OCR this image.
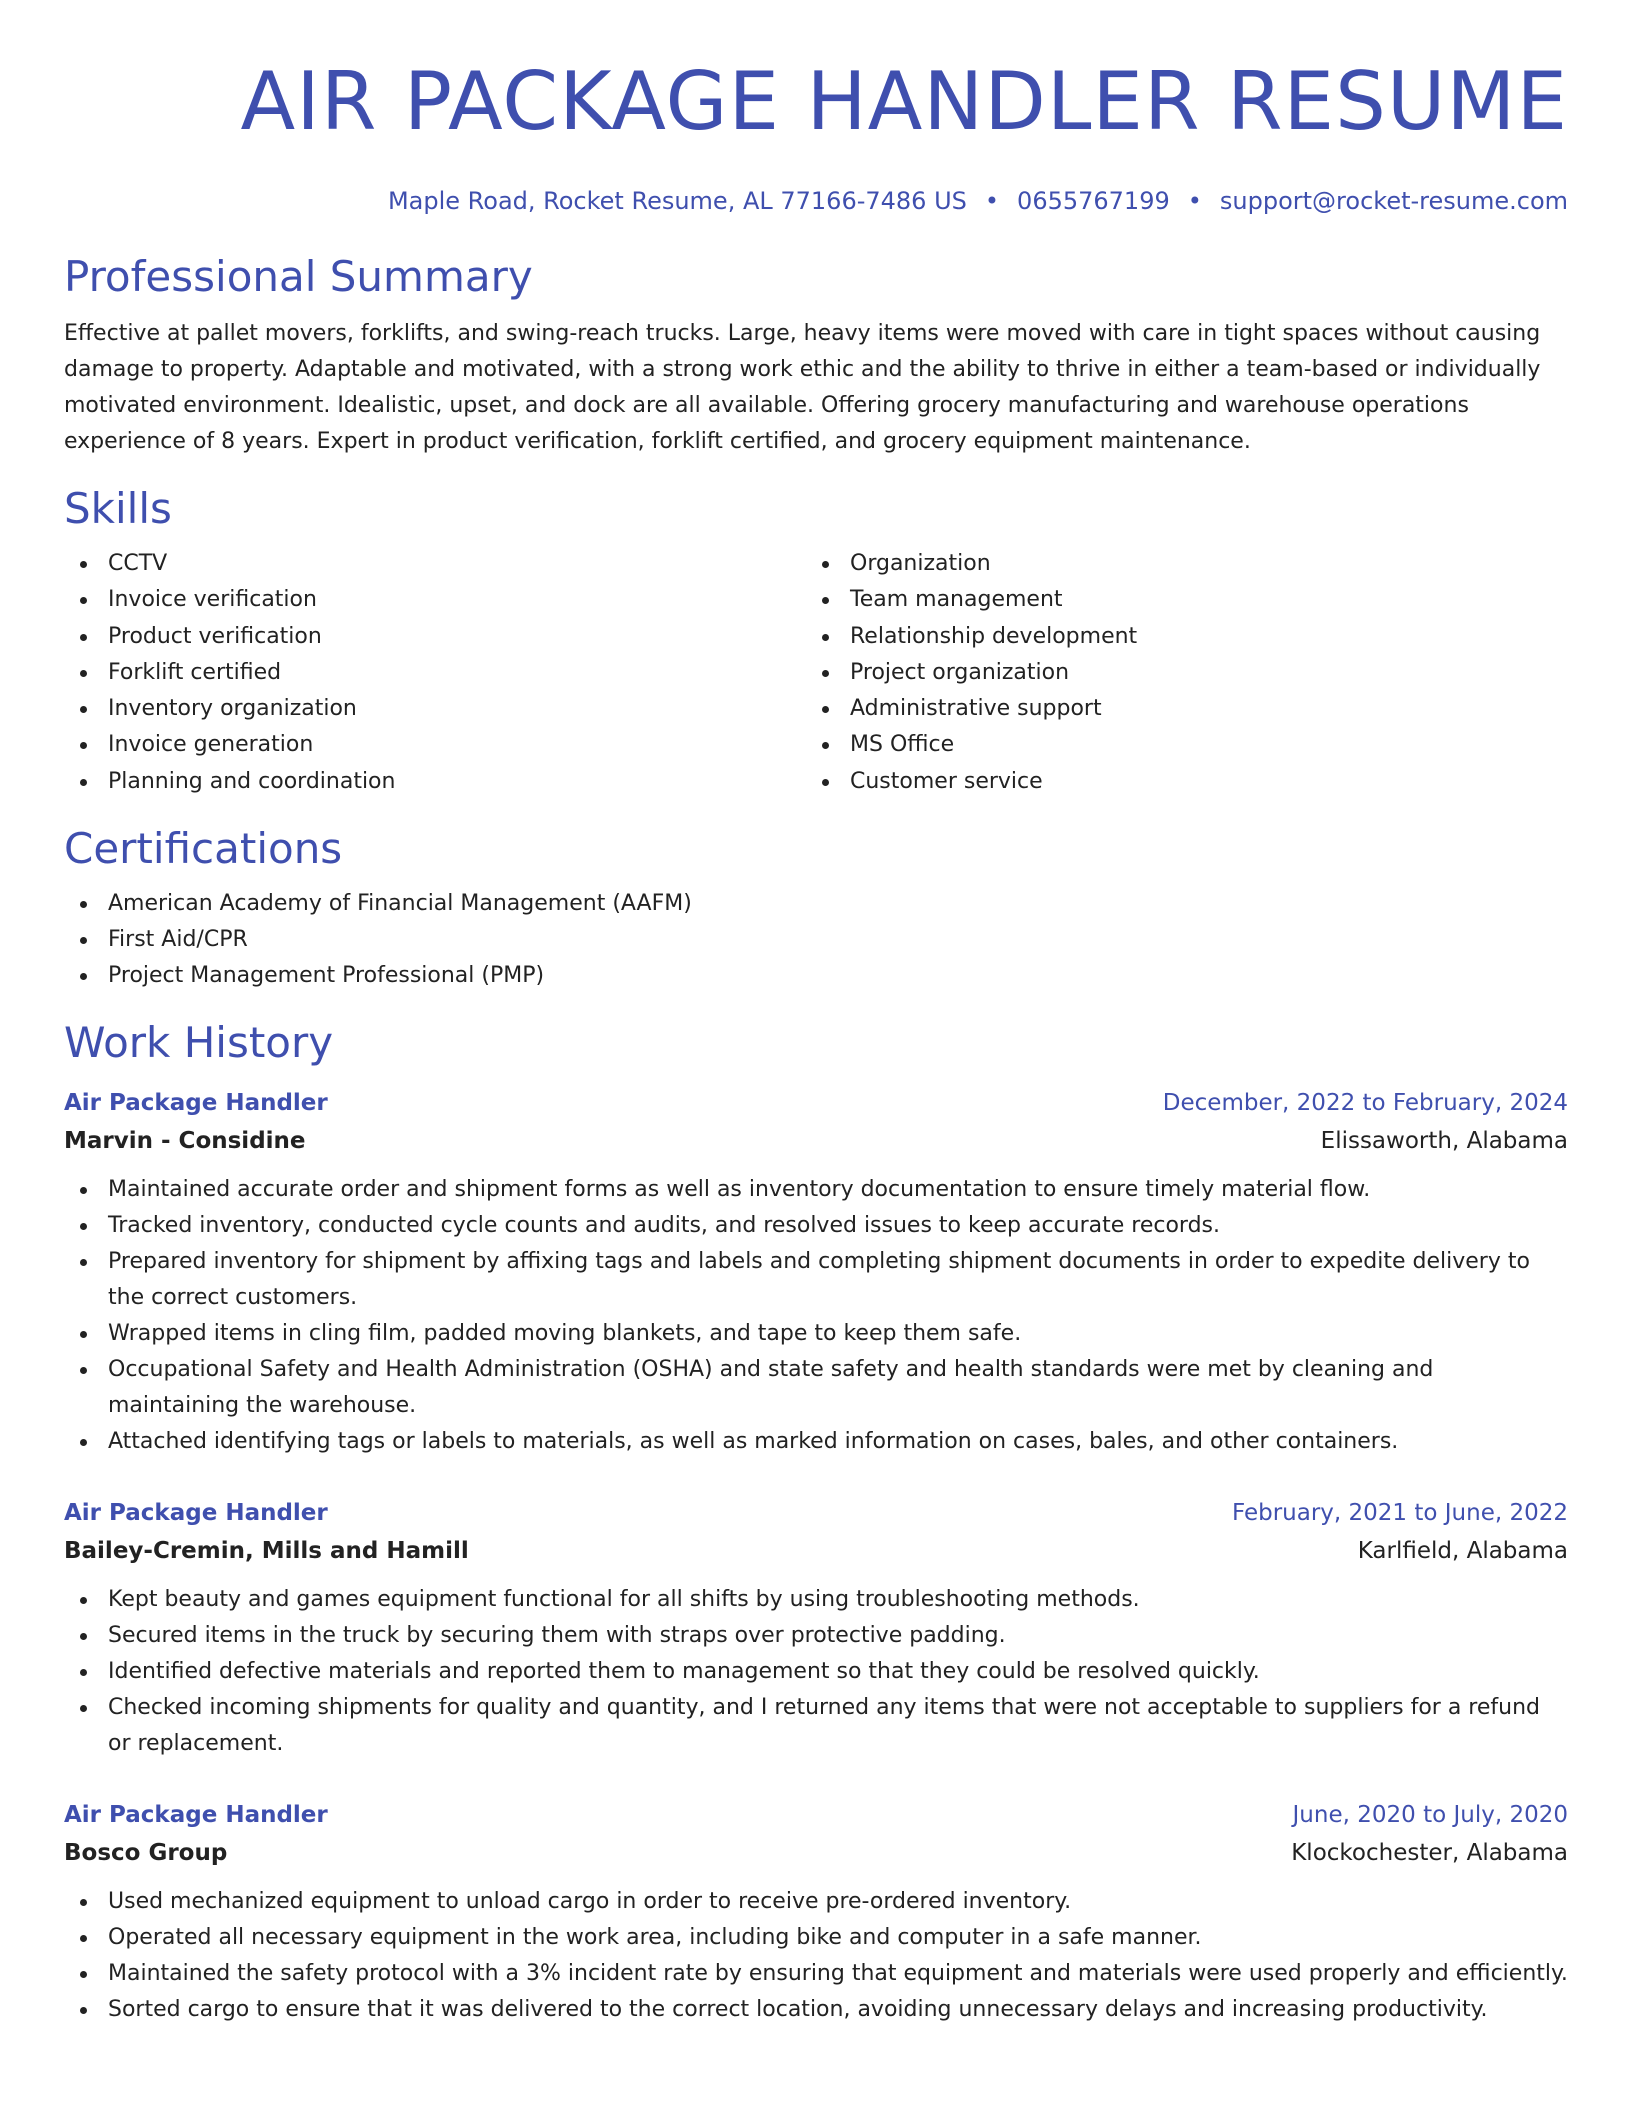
AIR PACKAGE HANDLER RESUME
Maple Road, Rocket Resume, AL 77166-7486 US • 0655767199 • support@rocket-resume.com
Professional Summary

Effective at pallet movers, forklifts, and swing-reach trucks. Large, heavy items were moved with care in tight spaces without causing damage to property. Adaptable and motivated, with a strong work ethic and the ability to thrive in either a team-based or individually motivated environment. Idealistic, upset, and dock are all available. Offering grocery manufacturing and warehouse operations experience of 8 years. Expert in product verification, forklift certified, and grocery equipment maintenance.

Skills
CCTV
Invoice verification
Product verification
Forklift certified
Inventory organization
Invoice generation
Planning and coordination
Organization
Team management
Relationship development
Project organization
Administrative support
MS Office
Customer service
Certifications
American Academy of Financial Management (AAFM)
First Aid/CPR
Project Management Professional (PMP)
Work History
Air Package Handler	December, 2022 to February, 2024
Marvin - Considine	Elissaworth, Alabama
Maintained accurate order and shipment forms as well as inventory documentation to ensure timely material flow.
Tracked inventory, conducted cycle counts and audits, and resolved issues to keep accurate records.
Prepared inventory for shipment by affixing tags and labels and completing shipment documents in order to expedite delivery to the correct customers.
Wrapped items in cling film, padded moving blankets, and tape to keep them safe.
Occupational Safety and Health Administration (OSHA) and state safety and health standards were met by cleaning and maintaining the warehouse.
Attached identifying tags or labels to materials, as well as marked information on cases, bales, and other containers.
Air Package Handler	February, 2021 to June, 2022
Bailey-Cremin, Mills and Hamill	Karlfield, Alabama
Kept beauty and games equipment functional for all shifts by using troubleshooting methods.
Secured items in the truck by securing them with straps over protective padding.
Identified defective materials and reported them to management so that they could be resolved quickly.
Checked incoming shipments for quality and quantity, and I returned any items that were not acceptable to suppliers for a refund or replacement.
Air Package Handler	June, 2020 to July, 2020
Bosco Group	Klockochester, Alabama
Used mechanized equipment to unload cargo in order to receive pre-ordered inventory.
Operated all necessary equipment in the work area, including bike and computer in a safe manner.
Maintained the safety protocol with a 3% incident rate by ensuring that equipment and materials were used properly and efficiently.
Sorted cargo to ensure that it was delivered to the correct location, avoiding unnecessary delays and increasing productivity.
